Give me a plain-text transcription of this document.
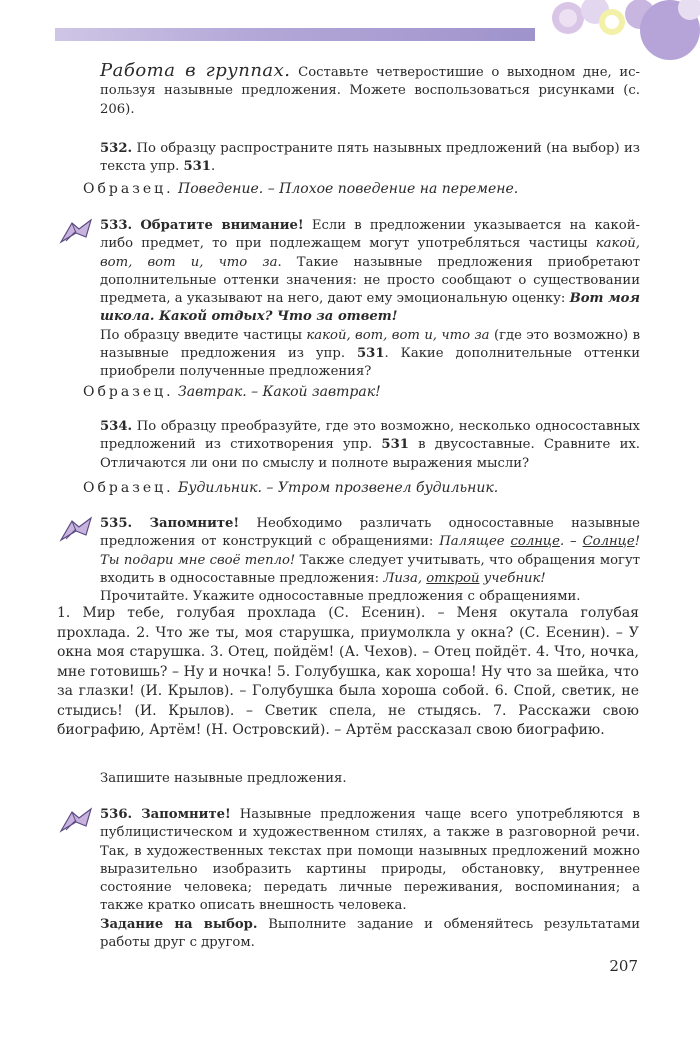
Работа в группах. Составьте четверостишие о выходном дне, ис-пользуя назывные предложения. Можете воспользоваться рисунками (с. 206).
532. По образцу распространите пять назывных предложений (на выбор) из текста упр. 531.
Образец. Поведение. – Плохое поведение на перемене.
533. Обратите внимание! Если в предложении указывается на какой-либо предмет, то при подлежащем могут употребляться частицы какой, вот, вот и, что за. Такие назывные предложения приобретают дополнительные оттенки значения: не просто сообщают о существовании предмета, а указывают на него, дают ему эмоциональную оценку: Вот моя школа. Какой отдых? Что за ответ!
По образцу введите частицы какой, вот, вот и, что за (где это возможно) в назывные предложения из упр. 531. Какие дополнительные оттенки приобрели полученные предложения?
Образец. Завтрак. – Какой завтрак!
534. По образцу преобразуйте, где это возможно, несколько односоставных предложений из стихотворения упр. 531 в двусоставные. Сравните их. Отличаются ли они по смыслу и полноте выражения мысли?
Образец. Будильник. – Утром прозвенел будильник.
535. Запомните! Необходимо различать односоставные назывные предложения от конструкций с обращениями: Палящее солнце. – Солнце! Ты подари мне своё тепло! Также следует учитывать, что обращения могут входить в односоставные предложения: Лиза, открой учебник!
Прочитайте. Укажите односоставные предложения с обращениями.
1. Мир тебе, голубая прохлада (С. Есенин). – Меня окутала голубая прохлада. 2. Что же ты, моя старушка, приумолкла у окна? (С. Есенин). – У окна моя старушка. 3. Отец, пойдём! (А. Чехов). – Отец пойдёт. 4. Что, ночка, мне готовишь? – Ну и ночка! 5. Голубушка, как хороша! Ну что за шейка, что за глазки! (И. Крылов). – Голубушка была хороша собой. 6. Спой, светик, не стыдись! (И. Крылов). – Светик спела, не стыдясь. 7. Расскажи свою биографию, Артём! (Н. Островский). – Артём рассказал свою биографию.
Запишите назывные предложения.
536. Запомните! Назывные предложения чаще всего употребляются в публицистическом и художественном стилях, а также в разговорной речи. Так, в художественных текстах при помощи назывных предложений можно выразительно изобразить картины природы, обстановку, внутреннее состояние человека; передать личные переживания, воспоминания; а также кратко описать внешность человека.
Задание на выбор. Выполните задание и обменяйтесь результатами работы друг с другом.
207
